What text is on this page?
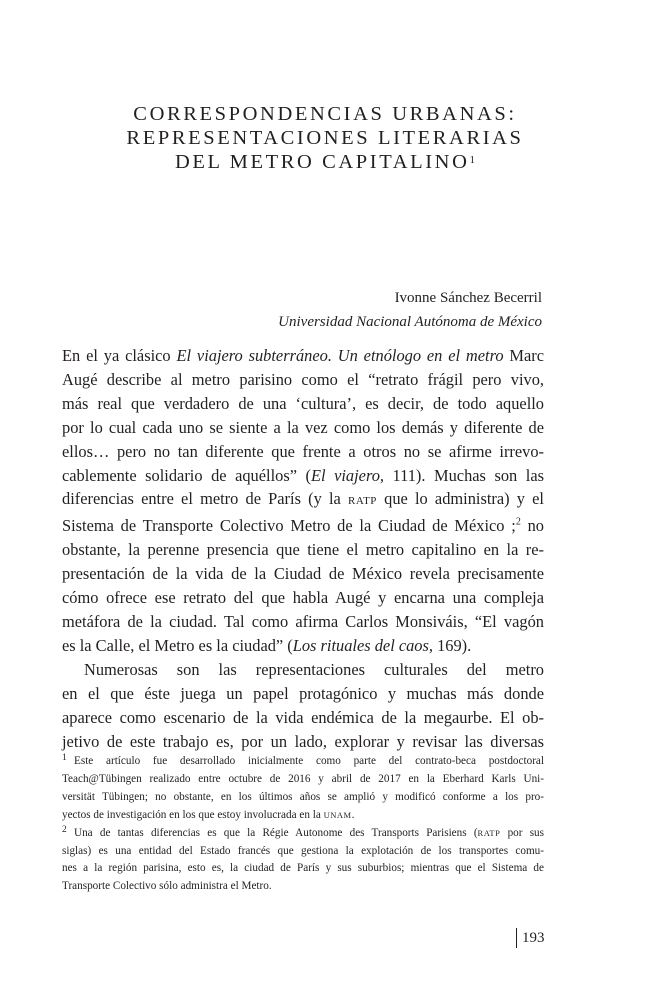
CORRESPONDENCIAS URBANAS:
REPRESENTACIONES LITERARIAS
DEL METRO CAPITALINO$^1$
Ivonne Sánchez Becerril
Universidad Nacional Autónoma de México
En el ya clásico El viajero subterráneo. Un etnólogo en el metro Marc
Augé describe al metro parisino como el “retrato frágil pero vivo,
más real que verdadero de una ‘cultura’, es decir, de todo aquello
por lo cual cada uno se siente a la vez como los demás y diferente de
ellos… pero no tan diferente que frente a otros no se afirme irrevo-
cablemente solidario de aquéllos” (El viajero, 111). Muchas son las
diferencias entre el metro de París (y la RATP que lo administra) y el
Sistema de Transporte Colectivo Metro de la Ciudad de México ;$^2$ no
obstante, la perenne presencia que tiene el metro capitalino en la re-
presentación de la vida de la Ciudad de México revela precisamente
cómo ofrece ese retrato del que habla Augé y encarna una compleja
metáfora de la ciudad. Tal como afirma Carlos Monsiváis, “El vagón
es la Calle, el Metro es la ciudad” (Los rituales del caos, 169).
Numerosas son las representaciones culturales del metro
en el que éste juega un papel protagónico y muchas más donde
aparece como escenario de la vida endémica de la megaurbe. El ob-
jetivo de este trabajo es, por un lado, explorar y revisar las diversas
1 Este artículo fue desarrollado inicialmente como parte del contrato-beca postdoctoral
Teach@Tübingen realizado entre octubre de 2016 y abril de 2017 en la Eberhard Karls Uni-
versität Tübingen; no obstante, en los últimos años se amplió y modificó conforme a los pro-
yectos de investigación en los que estoy involucrada en la UNAM.
2 Una de tantas diferencias es que la Régie Autonome des Transports Parisiens (RATP por sus
siglas) es una entidad del Estado francés que gestiona la explotación de los transportes comu-
nes a la región parisina, esto es, la ciudad de París y sus suburbios; mientras que el Sistema de
Transporte Colectivo sólo administra el Metro.
193
